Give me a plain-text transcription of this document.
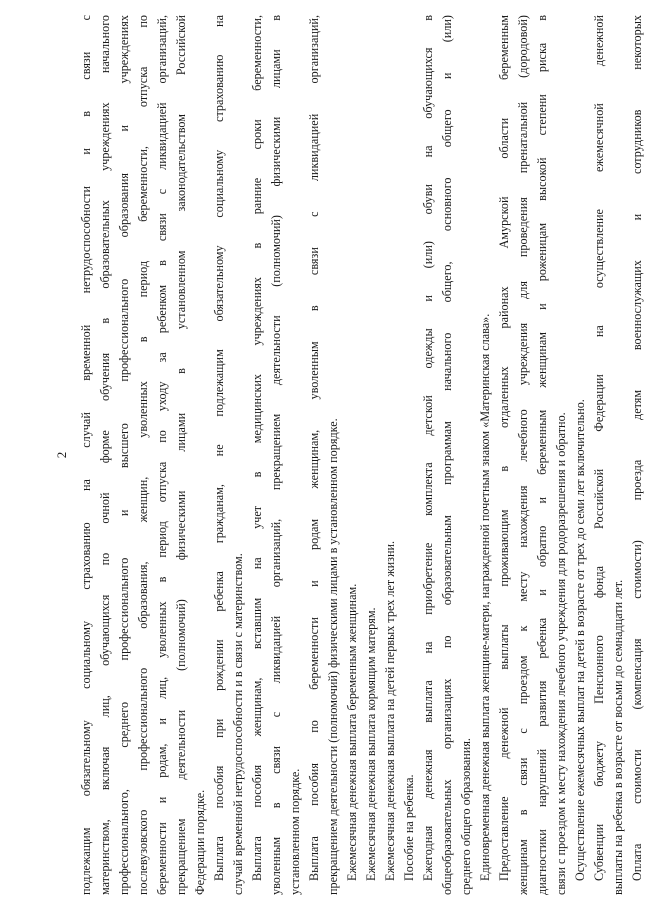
2 подлежащим обязательному социальному страхованию на случай временной нетрудоспособности и в связи с материнством, включая лиц, обучающихся по очной форме обучения в образовательных учреждениях начального профессионального, среднего профессионального и высшего профессионального образования и учреждениях послевузовского профессионального образования, женщин, уволенных в период беременности, отпуска по беременности и родам, и лиц, уволенных в период отпуска по уходу за ребенком в связи с ликвидацией организаций, прекращением деятельности (полномочий) физическими лицами в установленном законодательством Российской Федерации порядке. Выплата пособия при рождении ребенка гражданам, не подлежащим обязательному социальному страхованию на случай временной нетрудоспособности и в связи с материнством. Выплата пособия женщинам, вставшим на учет в медицинских учреждениях в ранние сроки беременности, уволенным в связи с ликвидацией организаций, прекращением деятельности (полномочий) физическими лицами в установленном порядке. Выплата пособия по беременности и родам женщинам, уволенным в связи с ликвидацией организаций, прекращением деятельности (полномочий) физическими лицами в установленном порядке. Ежемесячная денежная выплата беременным женщинам. Ежемесячная денежная выплата кормящим матерям. Ежемесячная денежная выплата на детей первых трех лет жизни. Пособие на ребенка. Ежегодная денежная выплата на приобретение комплекта детской одежды и (или) обуви на обучающихся в общеобразовательных организациях по образовательным программам начального общего, основного общего и (или) среднего общего образования. Единовременная денежная выплата женщине-матери, награжденной почетным знаком «Материнская слава». Предоставление денежной выплаты проживающим в отдаленных районах Амурской области беременным женщинам в связи с проездом к месту нахождения лечебного учреждения для проведения пренатальной (дородовой) диагностики нарушений развития ребенка и обратно и беременным женщинам и роженицам высокой степени риска в связи с проездом к месту нахождения лечебного учреждения для родоразрешения и обратно. Осуществление ежемесячных выплат на детей в возрасте от трех до семи лет включительно. Субвенции бюджету Пенсионного фонда Российской Федерации на осуществление ежемесячной денежной выплаты на ребенка в возрасте от восьми до семнадцати лет. Оплата стоимости (компенсация стоимости) проезда детям военнослужащих и сотрудников некоторых
